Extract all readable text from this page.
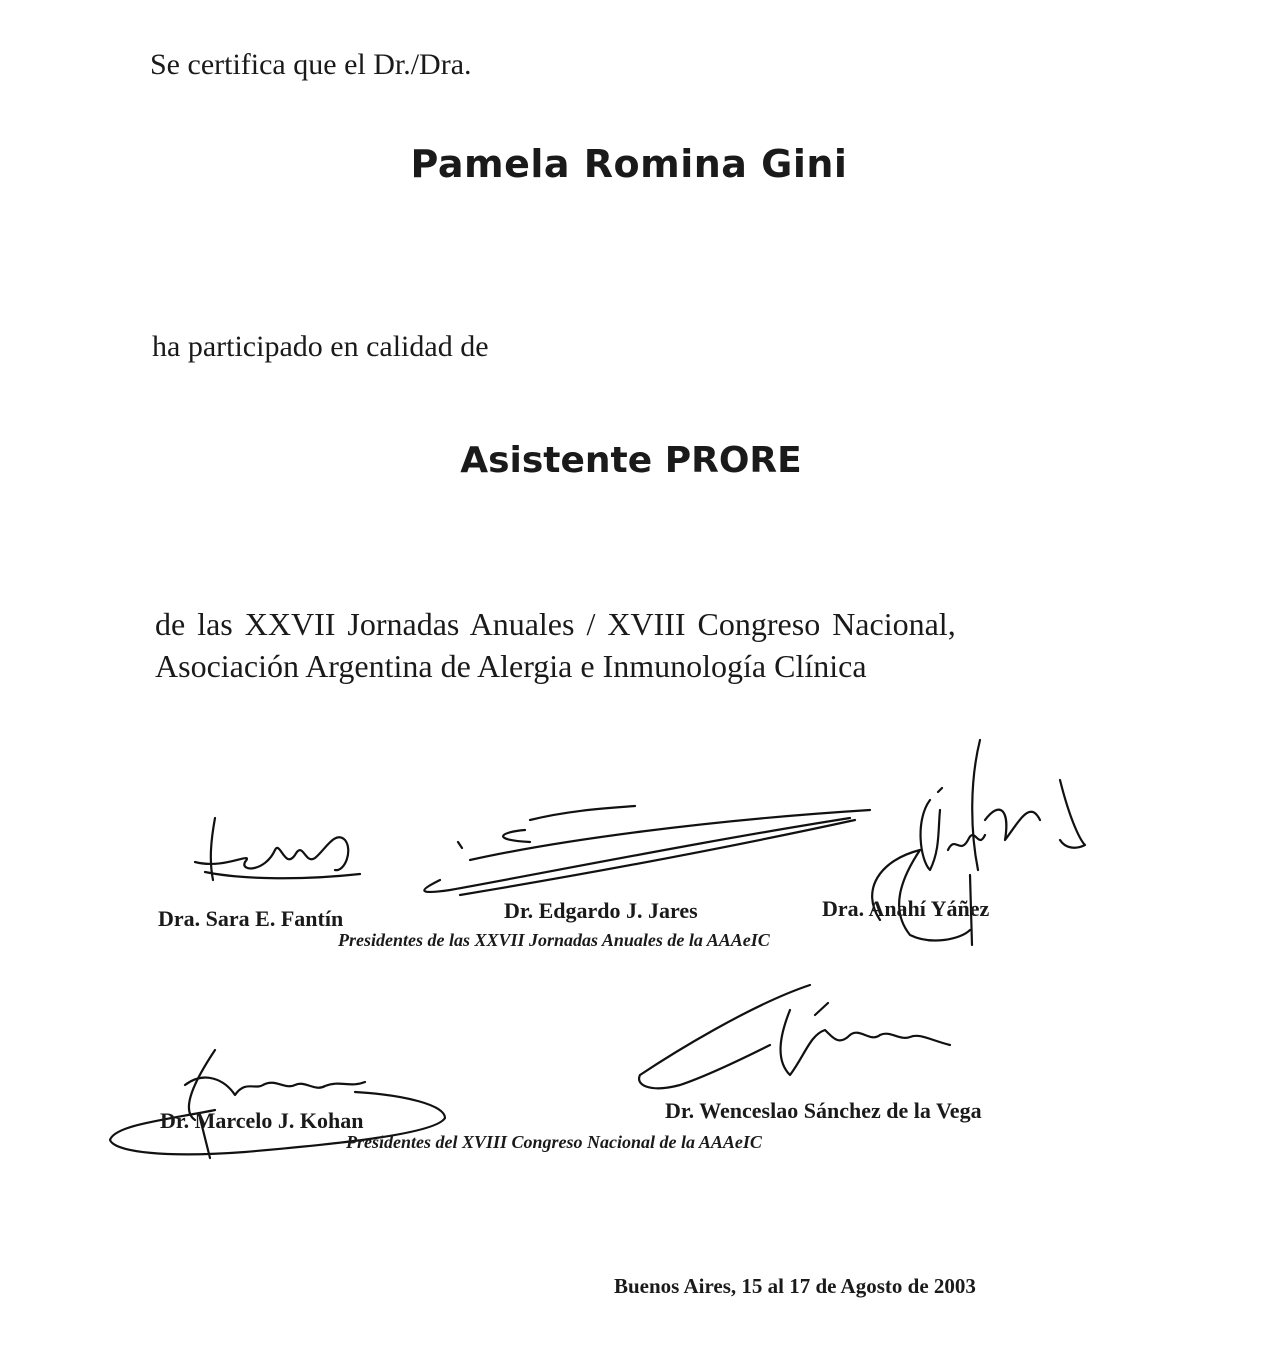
Se certifica que el Dr./Dra.
Pamela Romina Gini
ha participado en calidad de
Asistente PRORE
de las XXVII Jornadas Anuales / XVIII Congreso Nacional,
Asociación Argentina de Alergia e Inmunología Clínica
Dra. Sara E. Fantín	Dr. Edgardo J. Jares	Dra. Anahí Yáñez
Presidentes de las XXVII Jornadas Anuales de la AAAeIC
Dr. Marcelo J. Kohan	Dr. Wenceslao Sánchez de la Vega
Presidentes del XVIII Congreso Nacional de la AAAeIC
Buenos Aires, 15 al 17 de Agosto de 2003
